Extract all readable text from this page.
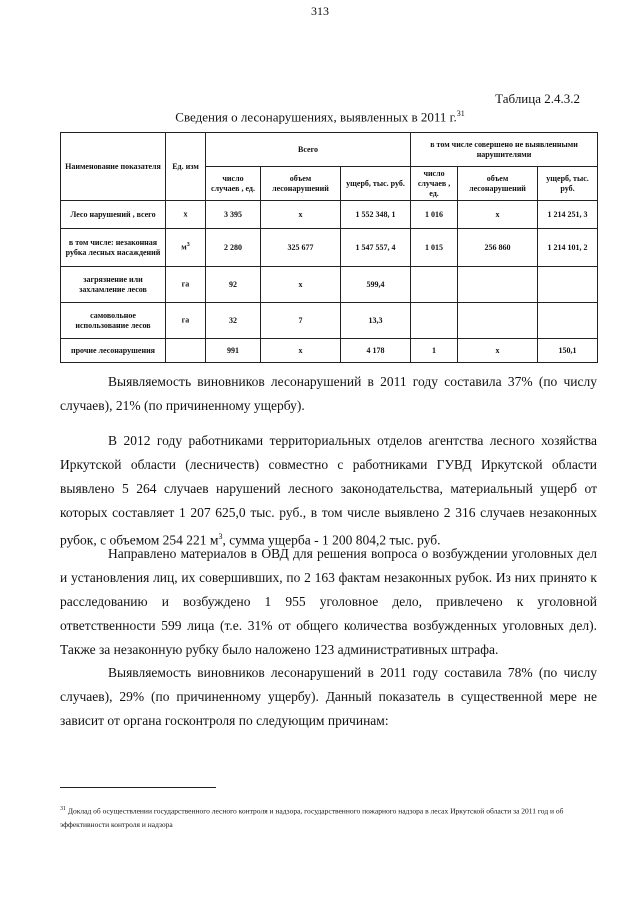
313
Таблица 2.4.3.2
Сведения о лесонарушениях, выявленных в 2011 г.$^{31}$
Наименование показателя	Ед. изм	Всего			в том числе совершено не выявленными нарушителями		
		число случаев , ед.	объем лесонарушений	ущерб, тыс. руб.	число случаев , ед.	объем лесонарушений	ущерб, тыс. руб.
Лесо нарушений , всего	х	3 395	х	1 552 348, 1	1 016	х	1 214 251, 3
в том числе: незаконная рубка лесных насаждений	$м^3$	2 280	325 677	1 547 557, 4	1 015	256 860	1 214 101, 2
загрязнение или захламление лесов	га	92	х	599,4			
самовольное использование лесов	га	32	7	13,3			
прочие лесонарушения		991	х	4 178	1	х	150,1
Выявляемость виновников лесонарушений в 2011 году составила 37% (по числу случаев), 21% (по причиненному ущербу).
В 2012 году работниками территориальных отделов агентства лесного хозяйства Иркутской области (лесничеств) совместно с работниками ГУВД Иркутской области выявлено 5 264 случаев нарушений лесного законодательства, материальный ущерб от которых составляет 1 207 625,0 тыс. руб., в том числе выявлено 2 316 случаев незаконных рубок, с объемом 254 221 $м^3$, сумма ущерба - 1 200 804,2 тыс. руб.
Направлено материалов в ОВД для решения вопроса о возбуждении уголовных дел и установления лиц, их совершивших, по 2 163 фактам незаконных рубок. Из них принято к расследованию и возбуждено 1 955 уголовное дело, привлечено к уголовной ответственности 599 лица (т.е. 31% от общего количества возбужденных уголовных дел). Также за незаконную рубку было наложено 123 административных штрафа.
Выявляемость виновников лесонарушений в 2011 году составила 78% (по числу случаев), 29% (по причиненному ущербу). Данный показатель в существенной мере не зависит от органа госконтроля по следующим причинам:
$^{31}$ Доклад об осуществлении государственного лесного контроля и надзора, государственного пожарного надзора в лесах Иркутской области за 2011 год и об эффективности контроля и надзора
